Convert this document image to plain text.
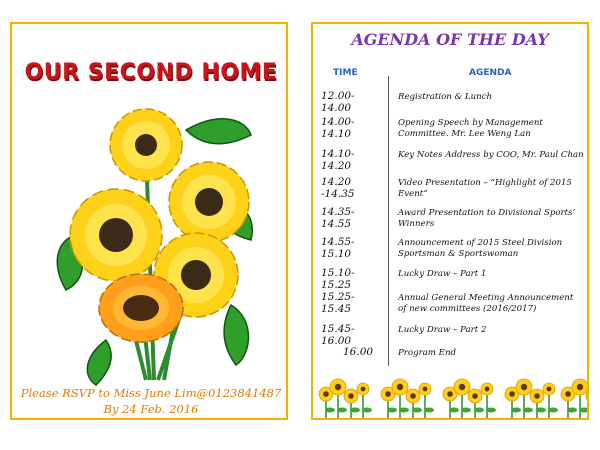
OUR SECOND HOME
Please RSVP to Miss June Lim@0123841487
By 24 Feb. 2016
AGENDA OF THE DAY
TIME	AGENDA
12.00-14.00
Registration & Lunch
14.00-14.10
Opening Speech by Management Committee. Mr. Lee Weng Lan
14.10-14.20
Key Notes Address by COO, Mr. Paul Chan
14.20 -14.35
Video Presentation – “Highlight of 2015 Event”
14.35-14.55
Award Presentation to Divisional Sports’ Winners
14.55-15.10
Announcement of 2015 Steel Division Sportsman & Sportswoman
15.10-15.25
Lucky Draw – Part 1
15.25-15.45
Annual General Meeting Announcement of new committees (2016/2017)
15.45-16.00
Lucky Draw – Part 2
16.00	Program End
